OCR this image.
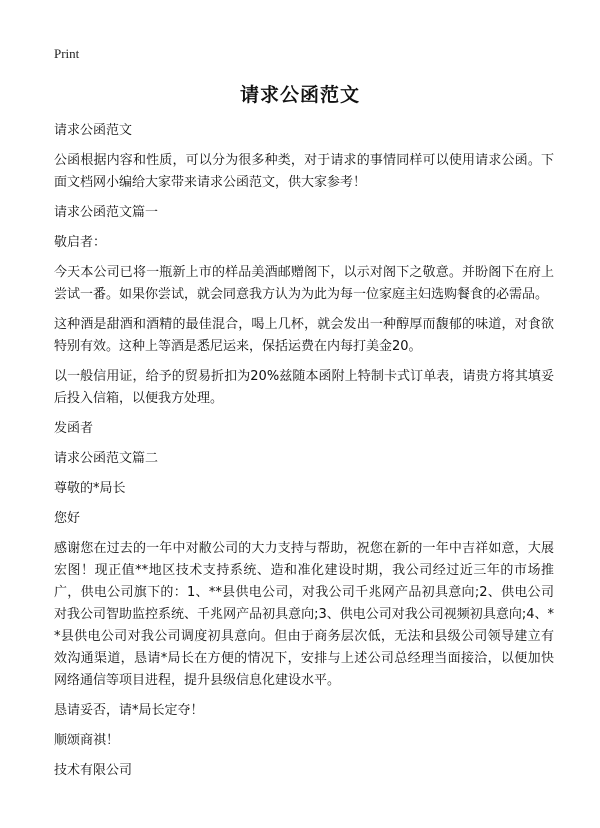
Print
请求公函范文

请求公函范文

公函根据内容和性质，可以分为很多种类，对于请求的事情同样可以使用请求公函。下面文档网小编给大家带来请求公函范文，供大家参考！

请求公函范文篇一

敬启者：

今天本公司已将一瓶新上市的样品美酒邮赠阁下，以示对阁下之敬意。并盼阁下在府上尝试一番。如果你尝试，就会同意我方认为为此为每一位家庭主妇选购餐食的必需品。

这种酒是甜酒和酒精的最佳混合，喝上几杯，就会发出一种醇厚而馥郁的味道，对食欲特别有效。这种上等酒是悉尼运来，保括运费在内每打美金20。

以一般信用证，给予的贸易折扣为20%兹随本函附上特制卡式订单表，请贵方将其填妥后投入信箱，以便我方处理。

发函者

请求公函范文篇二

尊敬的*局长

您好

感谢您在过去的一年中对敝公司的大力支持与帮助，祝您在新的一年中吉祥如意，大展宏图！现正值**地区技术支持系统、造和准化建设时期，我公司经过近三年的市场推广，供电公司旗下的：1、**县供电公司，对我公司千兆网产品初具意向;2、供电公司对我公司智助监控系统、千兆网产品初具意向;3、供电公司对我公司视频初具意向;4、**县供电公司对我公司调度初具意向。但由于商务层次低，无法和县级公司领导建立有效沟通渠道，恳请*局长在方便的情况下，安排与上述公司总经理当面接洽，以便加快网络通信等项目进程，提升县级信息化建设水平。

恳请妥否，请*局长定夺！

顺颂商祺！

技术有限公司
